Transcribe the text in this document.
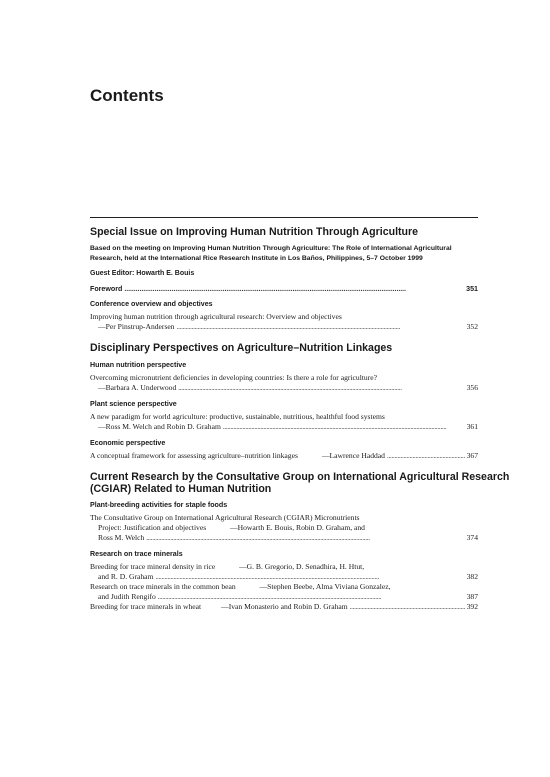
Contents
Special Issue on Improving Human Nutrition Through Agriculture
Based on the meeting on Improving Human Nutrition Through Agriculture: The Role of International Agricultural
Research, held at the International Rice Research Institute in Los Baños, Philippines, 5–7 October 1999
Guest Editor: Howarth E. Bouis
Foreword . . .	351
Conference overview and objectives
Improving human nutrition through agricultural research: Overview and objectives
—Per Pinstrup-Andersen . . .	352
Disciplinary Perspectives on Agriculture–Nutrition Linkages
Human nutrition perspective
Overcoming micronutrient deficiencies in developing countries: Is there a role for agriculture?
—Barbara A. Underwood . . .	356
Plant science perspective
A new paradigm for world agriculture: productive, sustainable, nutritious, healthful food systems
—Ross M. Welch and Robin D. Graham . . .	361
Economic perspective
A conceptual framework for assessing agriculture–nutrition linkages	—Lawrence Haddad . . .	367
Current Research by the Consultative Group on International Agricultural Research
(CGIAR) Related to Human Nutrition
Plant-breeding activities for staple foods
The Consultative Group on International Agricultural Research (CGIAR) Micronutrients
Project: Justification and objectives	—Howarth E. Bouis, Robin D. Graham, and
Ross M. Welch . . .	374
Research on trace minerals
Breeding for trace mineral density in rice	—G. B. Gregorio, D. Senadhira, H. Htut,
and R. D. Graham . . .	382
Research on trace minerals in the common bean	—Stephen Beebe, Alma Viviana Gonzalez,
and Judith Rengifo . . .	387
Breeding for trace minerals in wheat	—Ivan Monasterio and Robin D. Graham . . .	392
